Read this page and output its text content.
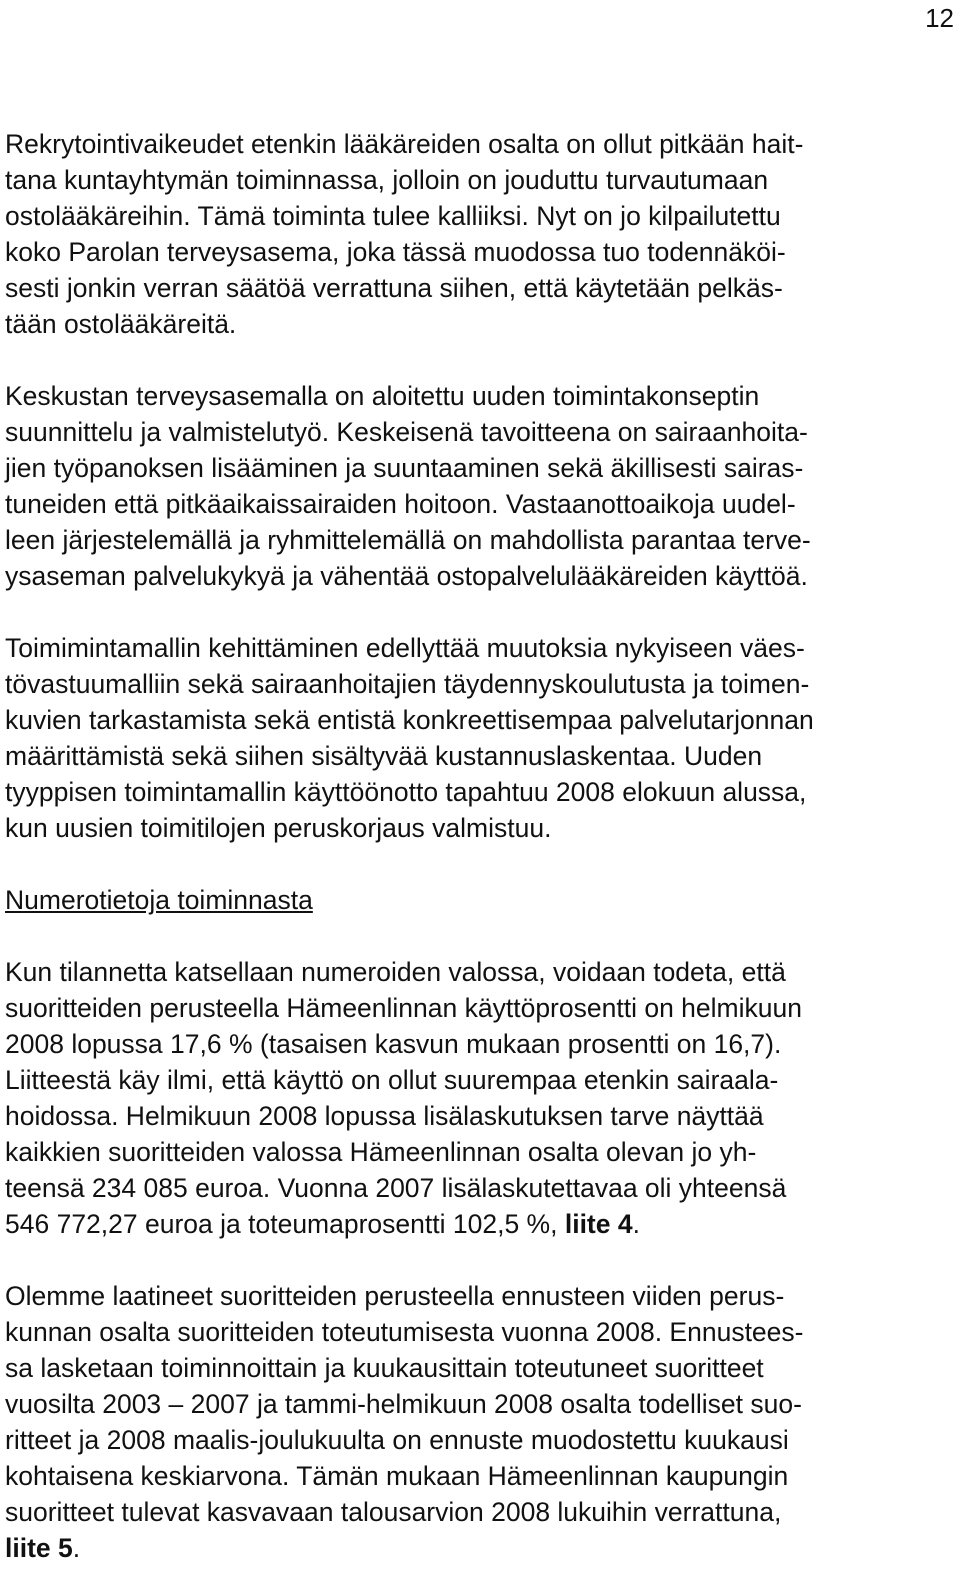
12

Rekrytointivaikeudet etenkin lääkäreiden osalta on ollut pitkään hait-
tana kuntayhtymän toiminnassa, jolloin on jouduttu turvautumaan
ostolääkäreihin. Tämä toiminta tulee kalliiksi. Nyt on jo kilpailutettu
koko Parolan terveysasema, joka tässä muodossa tuo todennäköi-
sesti jonkin verran säätöä verrattuna siihen, että käytetään pelkäs-
tään ostolääkäreitä.

Keskustan terveysasemalla on aloitettu uuden toimintakonseptin
suunnittelu ja valmistelutyö. Keskeisenä tavoitteena on sairaanhoita-
jien työpanoksen lisääminen ja suuntaaminen sekä äkillisesti sairas-
tuneiden että pitkäaikaissairaiden hoitoon. Vastaanottoaikoja uudel-
leen järjestelemällä ja ryhmittelemällä on mahdollista parantaa terve-
ysaseman palvelukykyä ja vähentää ostopalvelulääkäreiden käyttöä.

Toimimintamallin kehittäminen edellyttää muutoksia nykyiseen väes-
tövastuumalliin sekä sairaanhoitajien täydennyskoulutusta ja toimen-
kuvien tarkastamista sekä entistä konkreettisempaa palvelutarjonnan
määrittämistä sekä siihen sisältyvää kustannuslaskentaa. Uuden
tyyppisen toimintamallin käyttöönotto tapahtuu 2008 elokuun alussa,
kun uusien toimitilojen peruskorjaus valmistuu.

Numerotietoja toiminnasta

Kun tilannetta katsellaan numeroiden valossa, voidaan todeta, että
suoritteiden perusteella Hämeenlinnan käyttöprosentti on helmikuun
2008 lopussa 17,6 % (tasaisen kasvun mukaan prosentti on 16,7).
Liitteestä käy ilmi, että käyttö on ollut suurempaa etenkin sairaala-
hoidossa. Helmikuun 2008 lopussa lisälaskutuksen tarve näyttää
kaikkien suoritteiden valossa Hämeenlinnan osalta olevan jo yh-
teensä 234 085 euroa. Vuonna 2007 lisälaskutettavaa oli yhteensä
546 772,27 euroa ja toteumaprosentti 102,5 %, liite 4.

Olemme laatineet suoritteiden perusteella ennusteen viiden perus-
kunnan osalta suoritteiden toteutumisesta vuonna 2008. Ennustees-
sa lasketaan toiminnoittain ja kuukausittain toteutuneet suoritteet
vuosilta 2003 – 2007 ja tammi-helmikuun 2008 osalta todelliset suo-
ritteet ja 2008 maalis-joulukuulta on ennuste muodostettu kuukausi
kohtaisena keskiarvona. Tämän mukaan Hämeenlinnan kaupungin
suoritteet tulevat kasvavaan talousarvion 2008 lukuihin verrattuna,
liite 5.
